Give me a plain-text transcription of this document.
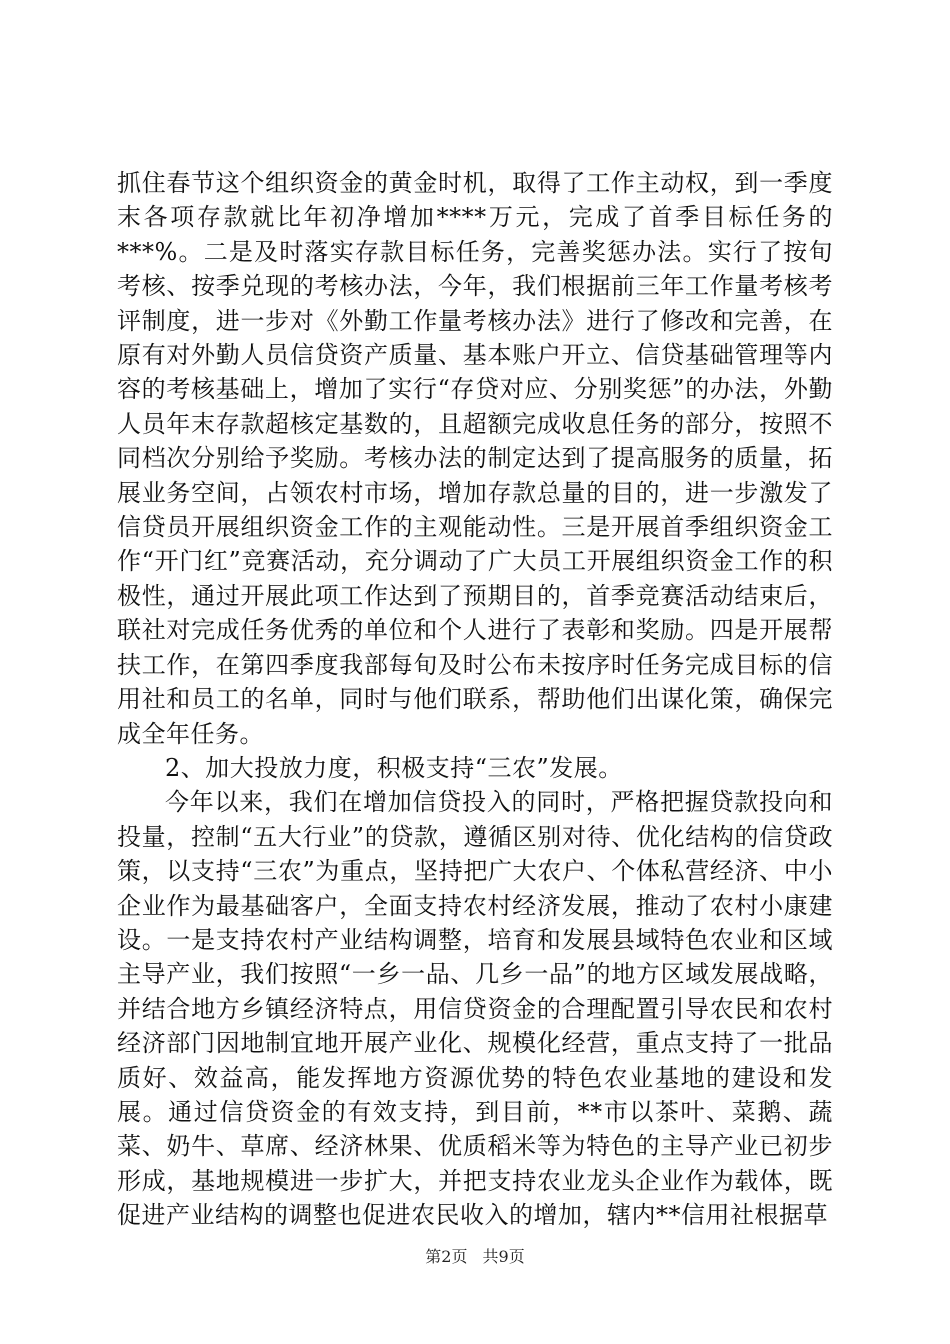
抓住春节这个组织资金的黄金时机，取得了工作主动权，到一季度末各项存款就比年初净增加****万元，完成了首季目标任务的***%。二是及时落实存款目标任务，完善奖惩办法。实行了按旬考核、按季兑现的考核办法，今年，我们根据前三年工作量考核考评制度，进一步对《外勤工作量考核办法》进行了修改和完善，在原有对外勤人员信贷资产质量、基本账户开立、信贷基础管理等内容的考核基础上，增加了实行“存贷对应、分别奖惩”的办法，外勤人员年末存款超核定基数的，且超额完成收息任务的部分，按照不同档次分别给予奖励。考核办法的制定达到了提高服务的质量，拓展业务空间，占领农村市场，增加存款总量的目的，进一步激发了信贷员开展组织资金工作的主观能动性。三是开展首季组织资金工作“开门红”竞赛活动，充分调动了广大员工开展组织资金工作的积极性，通过开展此项工作达到了预期目的，首季竞赛活动结束后，联社对完成任务优秀的单位和个人进行了表彰和奖励。四是开展帮扶工作，在第四季度我部每旬及时公布未按序时任务完成目标的信用社和员工的名单，同时与他们联系，帮助他们出谋化策，确保完成全年任务。

2、加大投放力度，积极支持“三农”发展。

今年以来，我们在增加信贷投入的同时，严格把握贷款投向和投量，控制“五大行业”的贷款，遵循区别对待、优化结构的信贷政策，以支持“三农”为重点，坚持把广大农户、个体私营经济、中小企业作为最基础客户，全面支持农村经济发展，推动了农村小康建设。一是支持农村产业结构调整，培育和发展县域特色农业和区域主导产业，我们按照“一乡一品、几乡一品”的地方区域发展战略，并结合地方乡镇经济特点，用信贷资金的合理配置引导农民和农村经济部门因地制宜地开展产业化、规模化经营，重点支持了一批品质好、效益高，能发挥地方资源优势的特色农业基地的建设和发展。通过信贷资金的有效支持，到目前，**市以茶叶、菜鹅、蔬菜、奶牛、草席、经济林果、优质稻米等为特色的主导产业已初步形成，基地规模进一步扩大，并把支持农业龙头企业作为载体，既促进产业结构的调整也促进农民收入的增加，辖内**信用社根据草

第2页 共9页
